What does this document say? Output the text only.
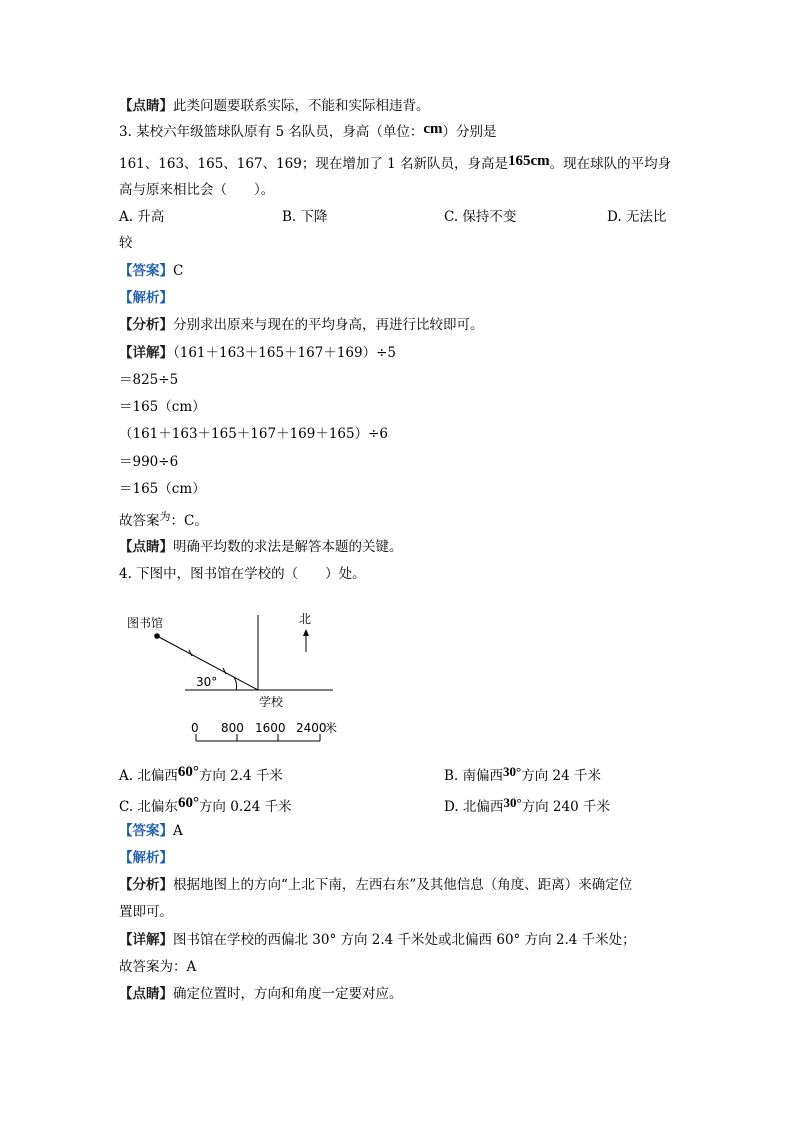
【点睛】此类问题要联系实际，不能和实际相违背。
3. 某校六年级篮球队原有 5 名队员，身高（单位：cm）分别是
161、163、165、167、169；现在增加了 1 名新队员，身高是165cm。现在球队的平均身
高与原来相比会（　　）。
A. 升高	B. 下降	C. 保持不变	D. 无法比
较
【答案】C
【解析】
【分析】分别求出原来与现在的平均身高，再进行比较即可。
【详解】（161＋163＋165＋167＋169）÷5
＝825÷5
＝165（cm）
（161＋163＋165＋167＋169＋165）÷6
＝990÷6
＝165（cm）
故答案$^为$：C。
【点睛】明确平均数的求法是解答本题的关键。
4. 下图中，图书馆在学校的（　　）处。
图书馆	北
30°
学校
0 800 1600 2400
米
A. 北偏西60°方向 2.4 千米	B. 南偏西30°方向 24 千米
C. 北偏东60°方向 0.24 千米	D. 北偏西30°方向 240 千米
【答案】A
【解析】
【分析】根据地图上的方向“上北下南，左西右东”及其他信息（角度、距离）来确定位
置即可。
【详解】图书馆在学校的西偏北 30° 方向 2.4 千米处或北偏西 60° 方向 2.4 千米处；
故答案为：A
【点睛】确定位置时，方向和角度一定要对应。
